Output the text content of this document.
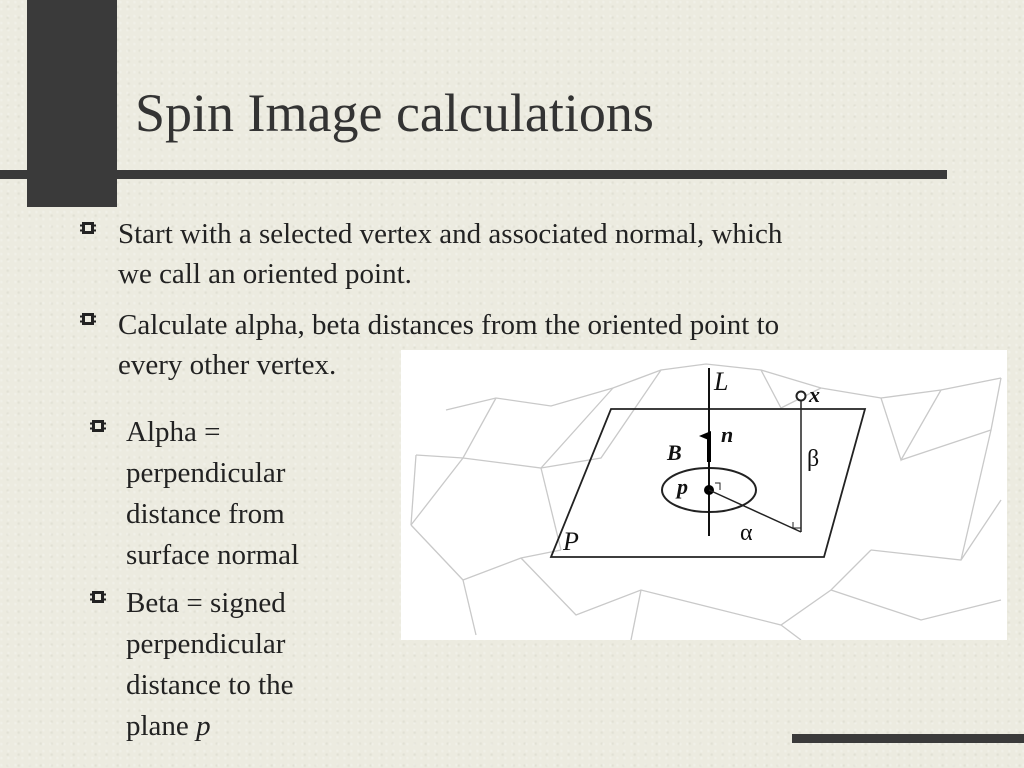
Spin Image calculations
Start with a selected vertex and associated normal, which
we call an oriented point.
Calculate alpha, beta distances from the oriented point to
every other vertex.
Alpha =
perpendicular
distance from
surface normal
Beta = signed
perpendicular
distance to the
plane p
L
n
x
B
p
β
α
P
